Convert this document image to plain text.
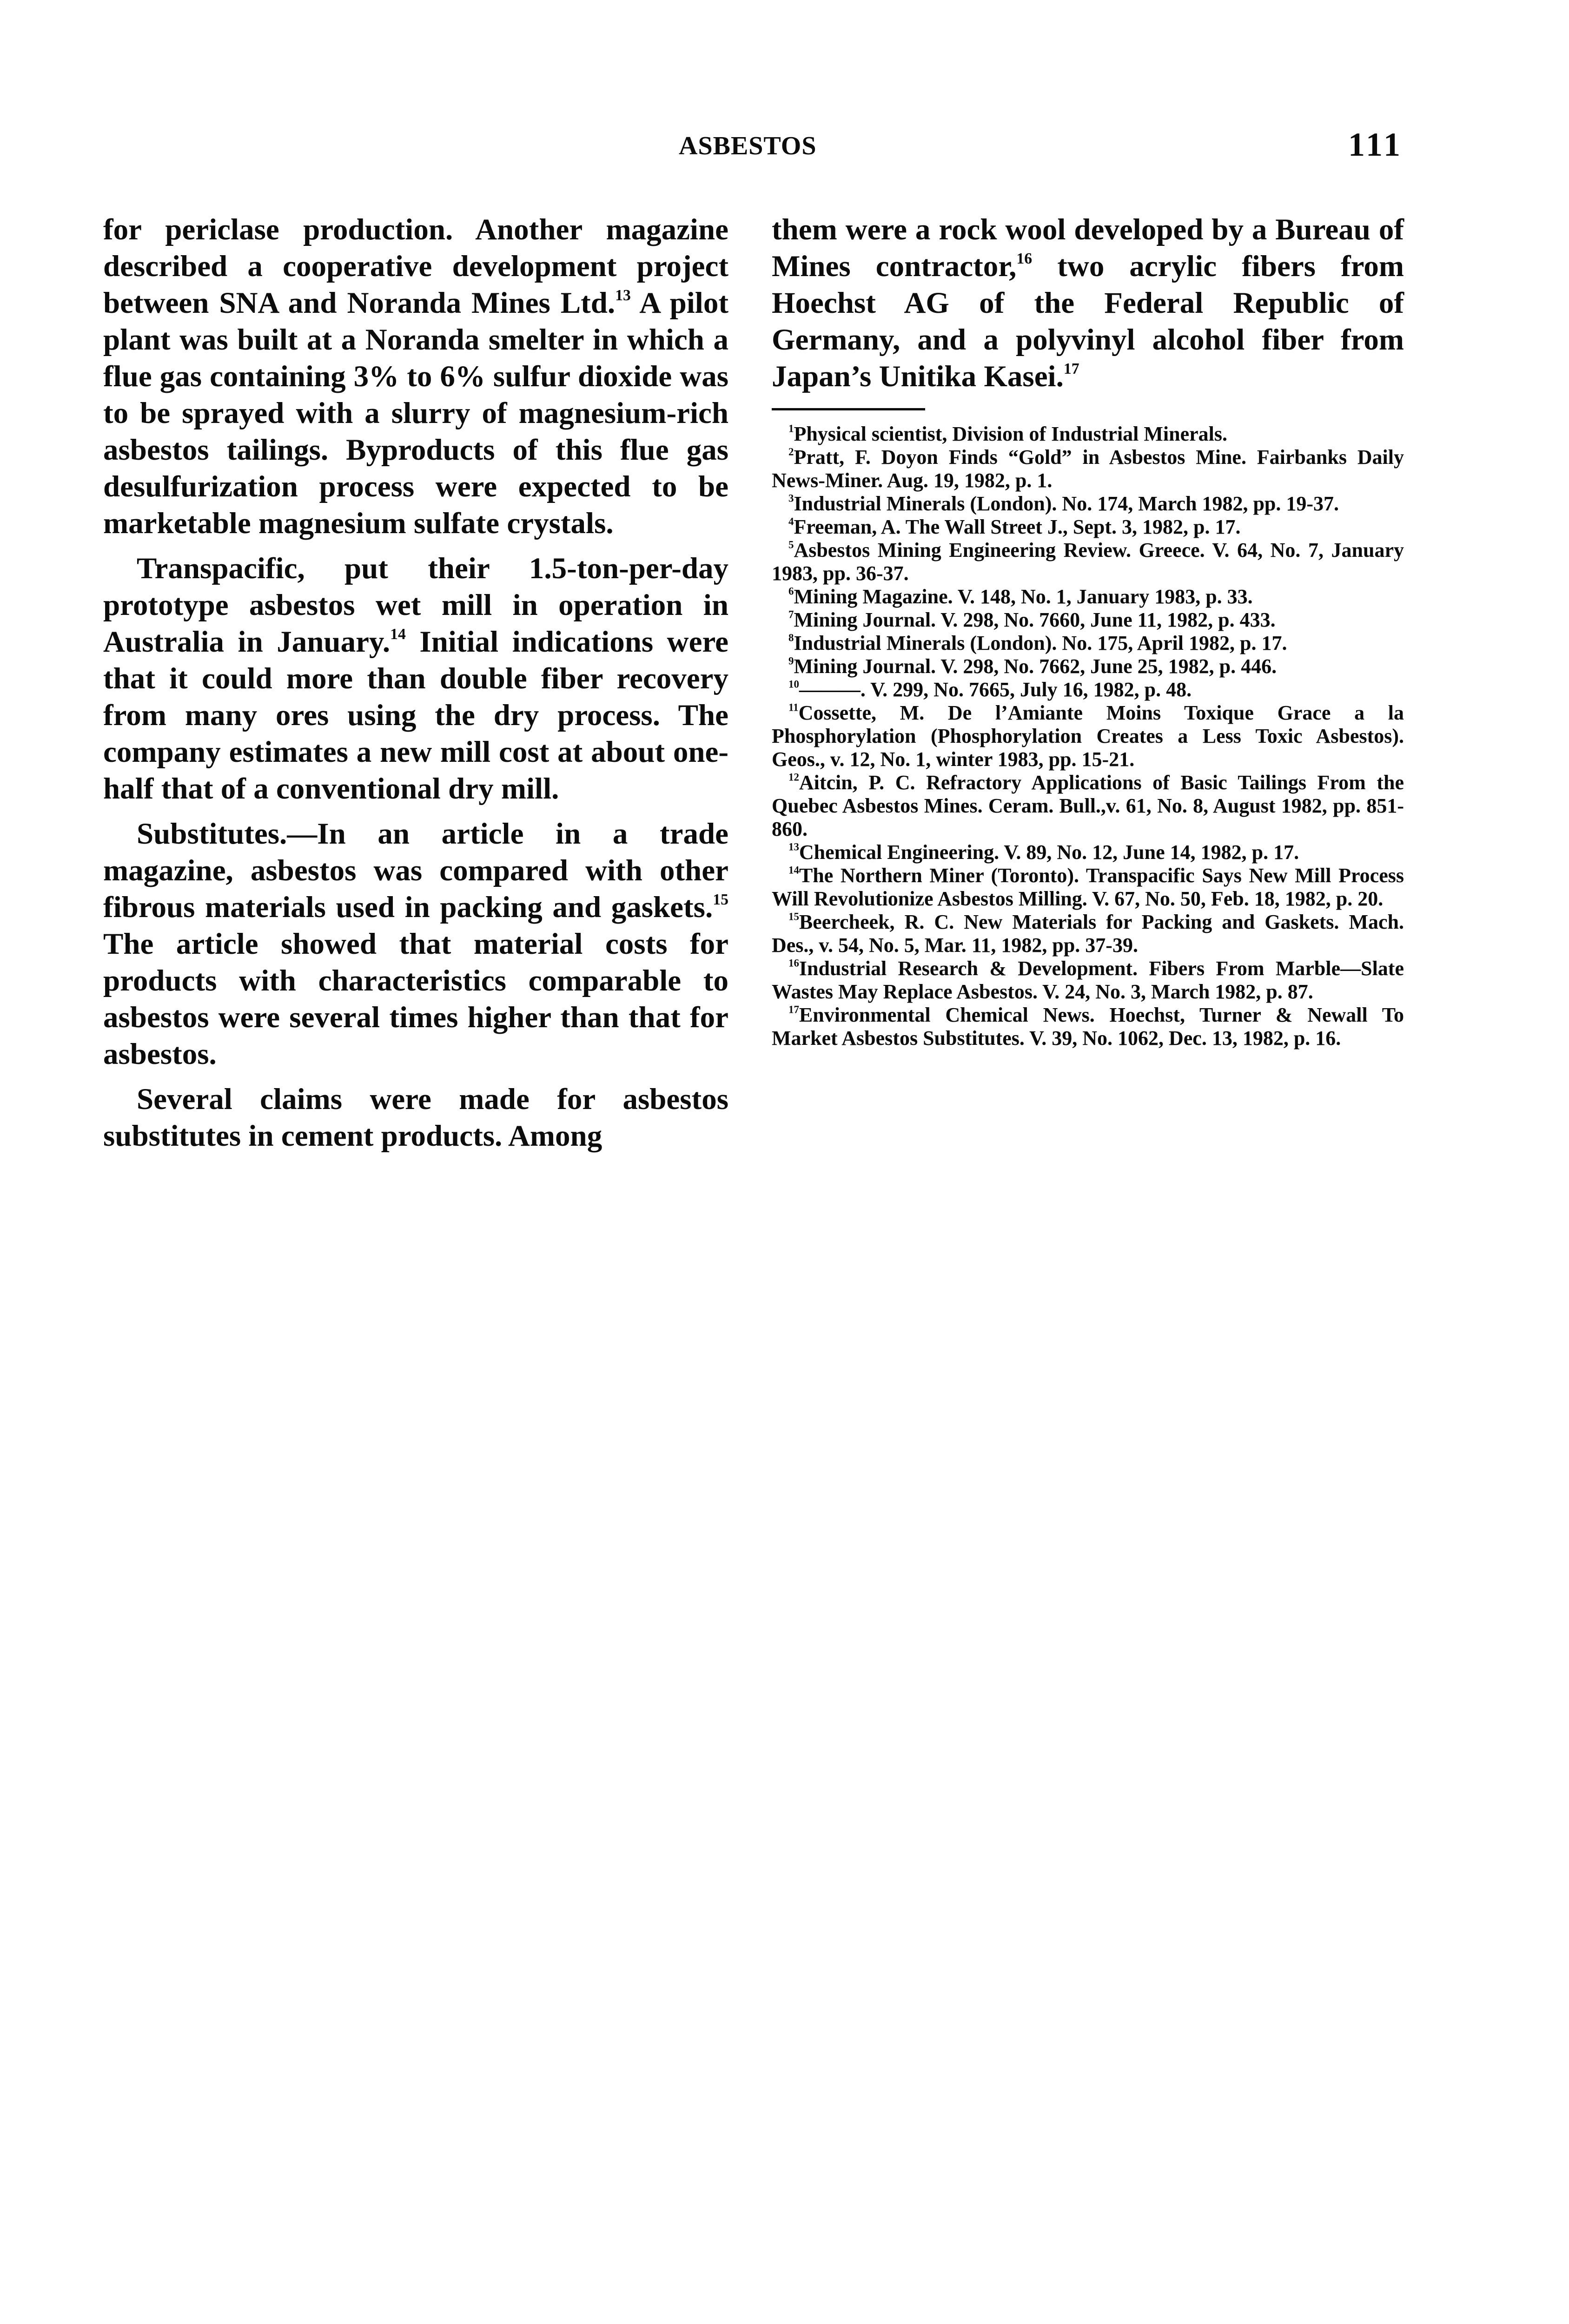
ASBESTOS	111

for periclase production. Another magazine described a cooperative development project between SNA and Noranda Mines Ltd.$^{13}$ A pilot plant was built at a Noranda smelter in which a flue gas containing 3% to 6% sulfur dioxide was to be sprayed with a slurry of magnesium-rich asbestos tailings. Byproducts of this flue gas desulfurization process were expected to be marketable magnesium sulfate crystals.

Transpacific, put their 1.5-ton-per-day prototype asbestos wet mill in operation in Australia in January.$^{14}$ Initial indications were that it could more than double fiber recovery from many ores using the dry process. The company estimates a new mill cost at about one-half that of a conventional dry mill.

Substitutes.—In an article in a trade magazine, asbestos was compared with other fibrous materials used in packing and gaskets.$^{15}$ The article showed that material costs for products with characteristics comparable to asbestos were several times higher than that for asbestos.

Several claims were made for asbestos substitutes in cement products. Among

them were a rock wool developed by a Bureau of Mines contractor,$^{16}$ two acrylic fibers from Hoechst AG of the Federal Republic of Germany, and a polyvinyl alcohol fiber from Japan’s Unitika Kasei.$^{17}$

$^1$Physical scientist, Division of Industrial Minerals.
$^2$Pratt, F. Doyon Finds “Gold” in Asbestos Mine. Fairbanks Daily News-Miner. Aug. 19, 1982, p. 1.
$^3$Industrial Minerals (London). No. 174, March 1982, pp. 19-37.
$^4$Freeman, A. The Wall Street J., Sept. 3, 1982, p. 17.
$^5$Asbestos Mining Engineering Review. Greece. V. 64, No. 7, January 1983, pp. 36-37.
$^6$Mining Magazine. V. 148, No. 1, January 1983, p. 33.
$^7$Mining Journal. V. 298, No. 7660, June 11, 1982, p. 433.
$^8$Industrial Minerals (London). No. 175, April 1982, p. 17.
$^9$Mining Journal. V. 298, No. 7662, June 25, 1982, p. 446.
$^{10}$———. V. 299, No. 7665, July 16, 1982, p. 48.
$^{11}$Cossette, M. De l’Amiante Moins Toxique Grace a la Phosphorylation (Phosphorylation Creates a Less Toxic Asbestos). Geos., v. 12, No. 1, winter 1983, pp. 15-21.
$^{12}$Aitcin, P. C. Refractory Applications of Basic Tailings From the Quebec Asbestos Mines. Ceram. Bull.,v. 61, No. 8, August 1982, pp. 851-860.
$^{13}$Chemical Engineering. V. 89, No. 12, June 14, 1982, p. 17.
$^{14}$The Northern Miner (Toronto). Transpacific Says New Mill Process Will Revolutionize Asbestos Milling. V. 67, No. 50, Feb. 18, 1982, p. 20.
$^{15}$Beercheek, R. C. New Materials for Packing and Gaskets. Mach. Des., v. 54, No. 5, Mar. 11, 1982, pp. 37-39.
$^{16}$Industrial Research & Development. Fibers From Marble—Slate Wastes May Replace Asbestos. V. 24, No. 3, March 1982, p. 87.
$^{17}$Environmental Chemical News. Hoechst, Turner & Newall To Market Asbestos Substitutes. V. 39, No. 1062, Dec. 13, 1982, p. 16.
